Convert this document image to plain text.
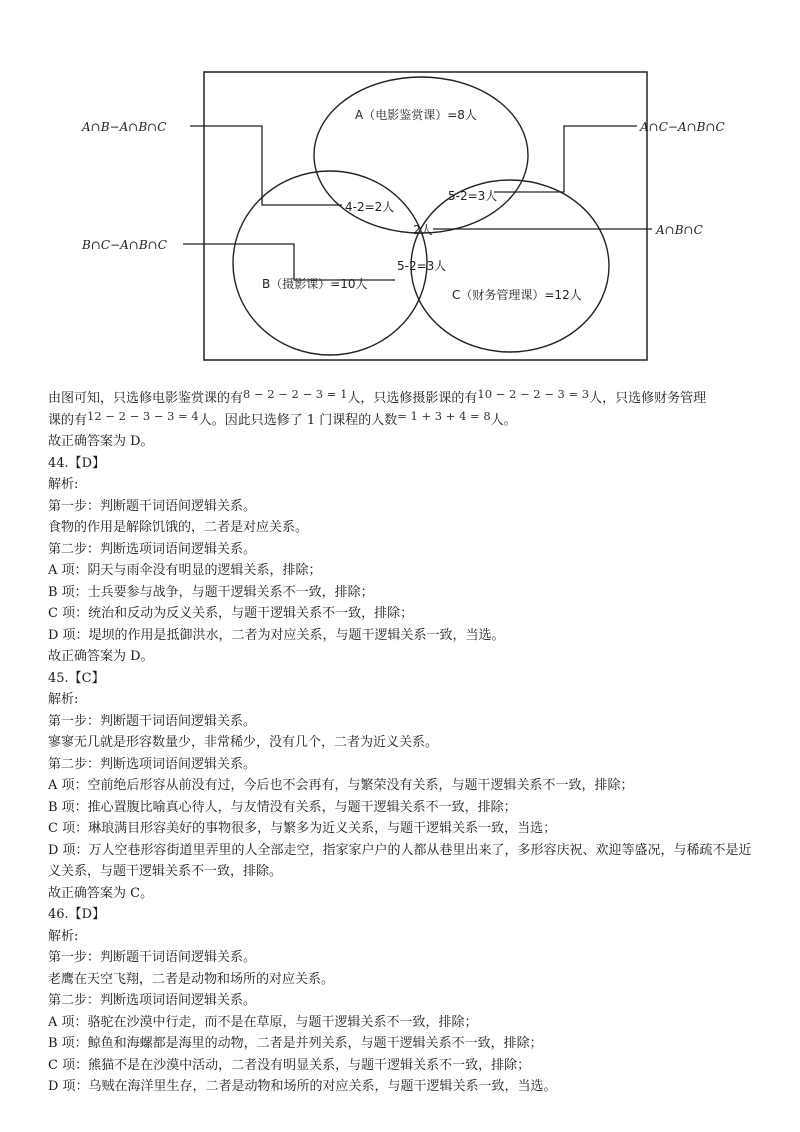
A（电影鉴赏课）=8人
B（摄影课）=10人
C（财务管理课）=12人
4-2=2人
5-2=3人
5-2=3人
2人
A∩B−A∩B∩C	A∩C−A∩B∩C
B∩C−A∩B∩C
A∩B∩C

由图可知，只选修电影鉴赏课的有8 − 2 − 2 − 3 = 1人，只选修摄影课的有10 − 2 − 2 − 3 = 3人，只选修财务管理

课的有12 − 2 − 3 − 3 = 4人。因此只选修了 1 门课程的人数= 1 + 3 + 4 = 8人。

故正确答案为 D。

44.【D】

解析:

第一步：判断题干词语间逻辑关系。

食物的作用是解除饥饿的，二者是对应关系。

第二步：判断选项词语间逻辑关系。

A 项：阴天与雨伞没有明显的逻辑关系，排除；

B 项：士兵要参与战争，与题干逻辑关系不一致，排除；

C 项：统治和反动为反义关系，与题干逻辑关系不一致，排除；

D 项：堤坝的作用是抵御洪水，二者为对应关系，与题干逻辑关系一致，当选。

故正确答案为 D。

45.【C】

解析:

第一步：判断题干词语间逻辑关系。

寥寥无几就是形容数量少，非常稀少，没有几个，二者为近义关系。

第二步：判断选项词语间逻辑关系。

A 项：空前绝后形容从前没有过，今后也不会再有，与繁荣没有关系，与题干逻辑关系不一致，排除；

B 项：推心置腹比喻真心待人，与友情没有关系，与题干逻辑关系不一致，排除；

C 项：琳琅满目形容美好的事物很多，与繁多为近义关系，与题干逻辑关系一致，当选；

D 项：万人空巷形容街道里弄里的人全部走空，指家家户户的人都从巷里出来了，多形容庆祝、欢迎等盛况，与稀疏不是近义关系，与题干逻辑关系不一致，排除。

故正确答案为 C。

46.【D】

解析:

第一步：判断题干词语间逻辑关系。

老鹰在天空飞翔，二者是动物和场所的对应关系。

第二步：判断选项词语间逻辑关系。

A 项：骆驼在沙漠中行走，而不是在草原，与题干逻辑关系不一致，排除；

B 项：鲸鱼和海螺都是海里的动物，二者是并列关系，与题干逻辑关系不一致，排除；

C 项：熊猫不是在沙漠中活动，二者没有明显关系，与题干逻辑关系不一致，排除；

D 项：乌贼在海洋里生存，二者是动物和场所的对应关系，与题干逻辑关系一致，当选。
